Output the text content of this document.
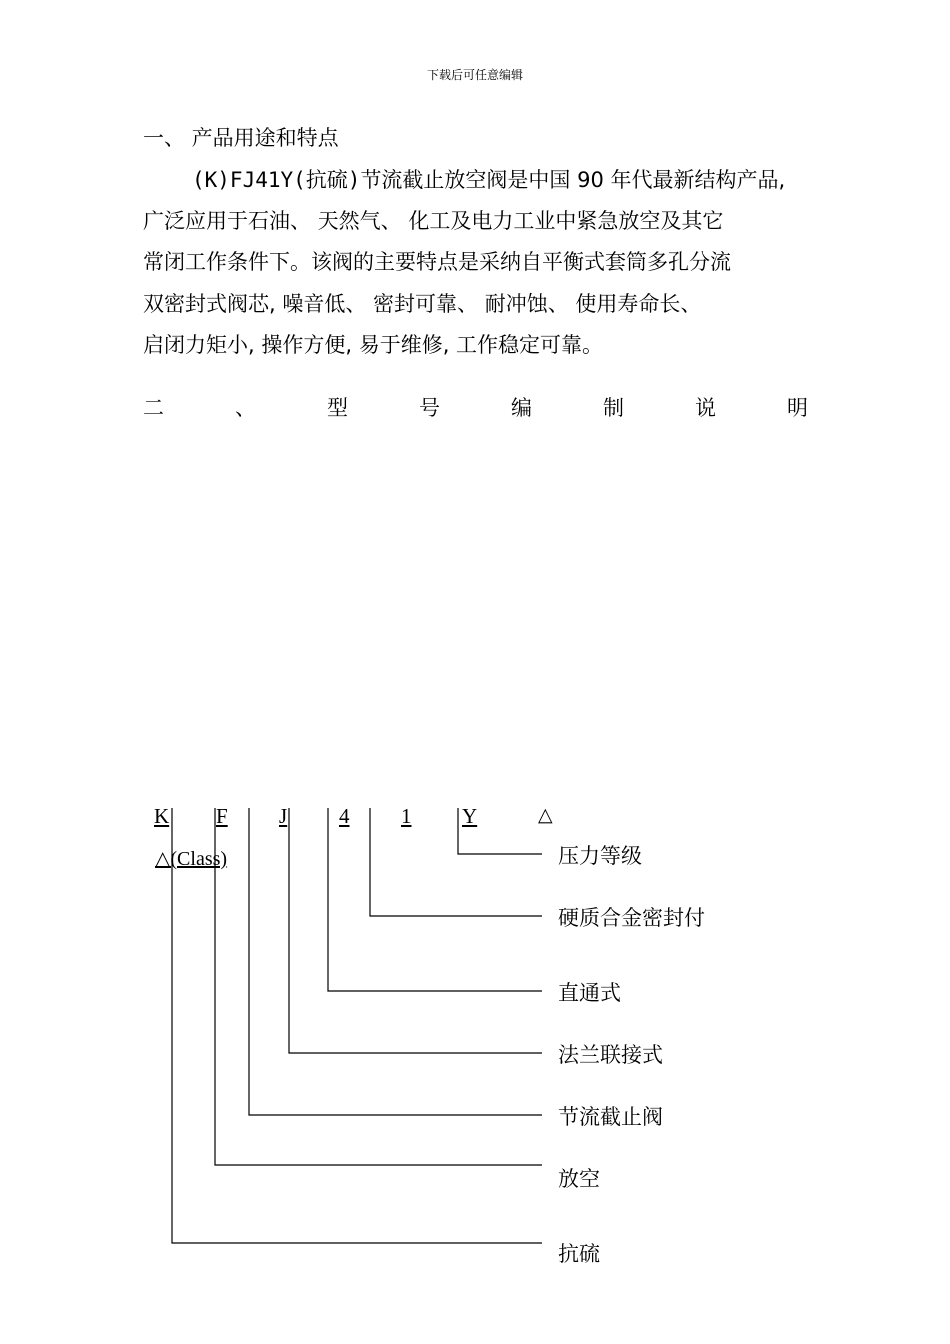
下载后可任意编辑
一、 产品用途和特点
(K)FJ41Y(抗硫)节流截止放空阀是中国 90 年代最新结构产品,
广泛应用于石油、 天然气、 化工及电力工业中紧急放空及其它
常闭工作条件下。该阀的主要特点是采纳自平衡式套筒多孔分流
双密封式阀芯, 噪音低、 密封可靠、 耐冲蚀、 使用寿命长、
启闭力矩小, 操作方便, 易于维修, 工作稳定可靠。
二	、	型	号	编	制	说	明
K F J 4 1 Y	△
△(Class)	压力等级
硬质合金密封付
直通式
法兰联接式
节流截止阀
放空
抗硫
